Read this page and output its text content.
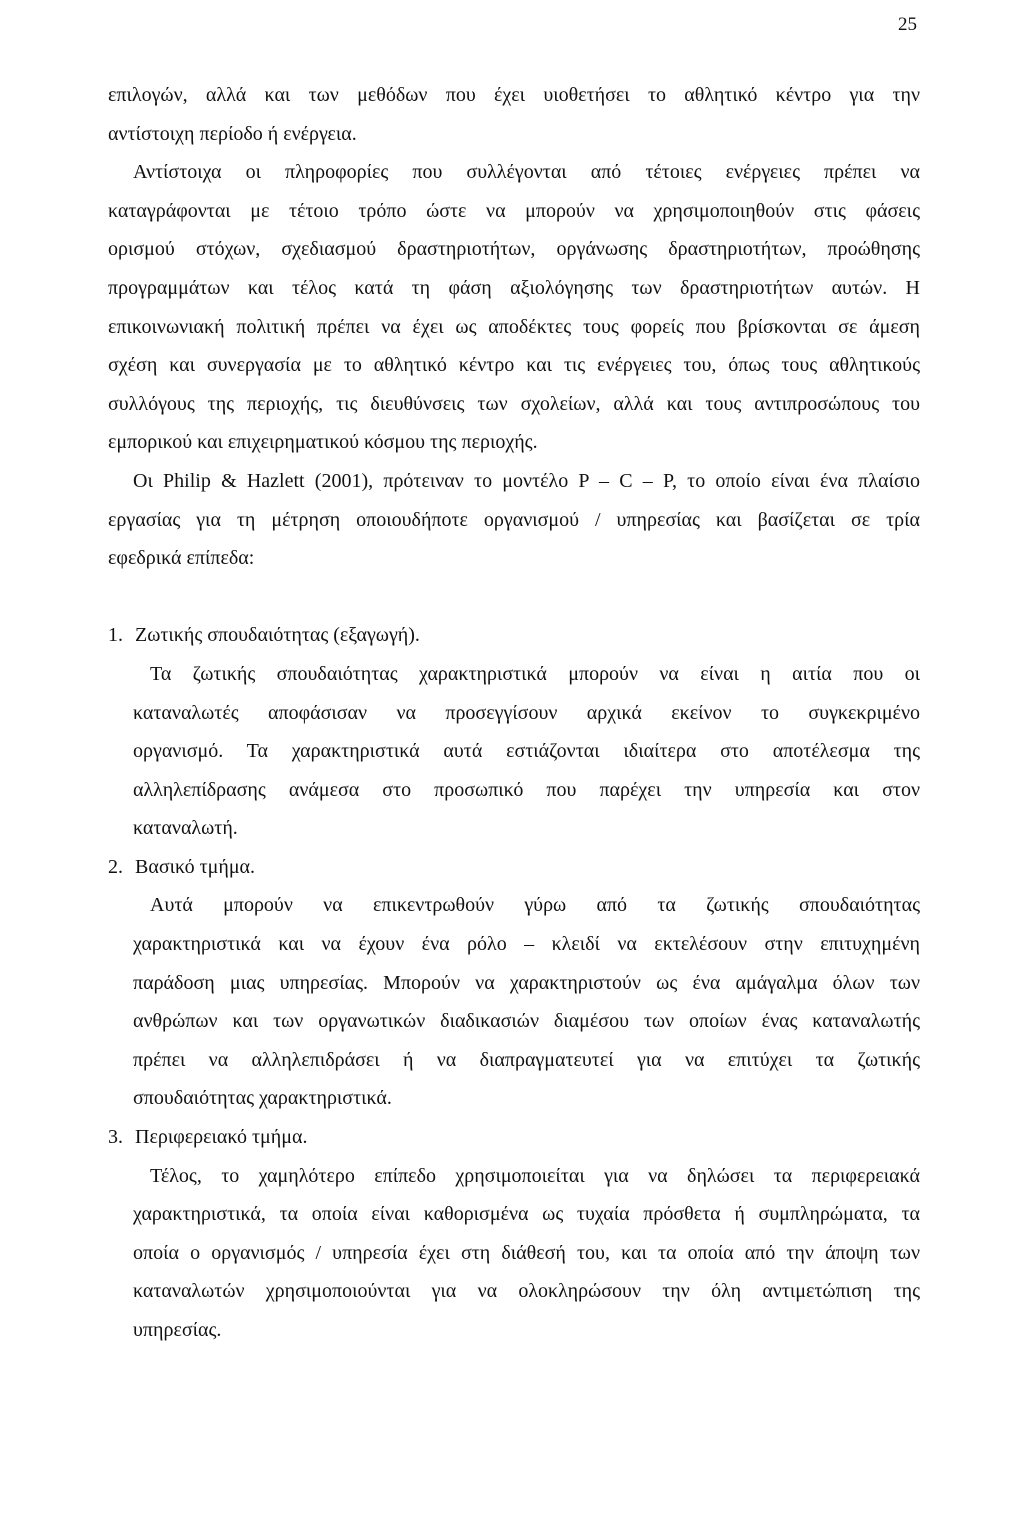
25
επιλογών, αλλά και των μεθόδων που έχει υιοθετήσει το αθλητικό κέντρο για την
αντίστοιχη περίοδο ή ενέργεια.
Αντίστοιχα οι πληροφορίες που συλλέγονται από τέτοιες ενέργειες πρέπει να
καταγράφονται με τέτοιο τρόπο ώστε να μπορούν να χρησιμοποιηθούν στις φάσεις
ορισμού στόχων, σχεδιασμού δραστηριοτήτων, οργάνωσης δραστηριοτήτων, προώθησης
προγραμμάτων και τέλος κατά τη φάση αξιολόγησης των δραστηριοτήτων αυτών. Η
επικοινωνιακή πολιτική πρέπει να έχει ως αποδέκτες τους φορείς που βρίσκονται σε άμεση
σχέση και συνεργασία με το αθλητικό κέντρο και τις ενέργειες του, όπως τους αθλητικούς
συλλόγους της περιοχής, τις διευθύνσεις των σχολείων, αλλά και τους αντιπροσώπους του
εμπορικού και επιχειρηματικού κόσμου της περιοχής.
Οι Philip & Hazlett (2001), πρότειναν το μοντέλο P – C – P, το οποίο είναι ένα πλαίσιο
εργασίας για τη μέτρηση οποιουδήποτε οργανισμού / υπηρεσίας και βασίζεται σε τρία
εφεδρικά επίπεδα:
1. Ζωτικής σπουδαιότητας (εξαγωγή).
Τα ζωτικής σπουδαιότητας χαρακτηριστικά μπορούν να είναι η αιτία που οι
καταναλωτές αποφάσισαν να προσεγγίσουν αρχικά εκείνον το συγκεκριμένο
οργανισμό. Τα χαρακτηριστικά αυτά εστιάζονται ιδιαίτερα στο αποτέλεσμα της
αλληλεπίδρασης ανάμεσα στο προσωπικό που παρέχει την υπηρεσία και στον
καταναλωτή.
2. Βασικό τμήμα.
Αυτά μπορούν να επικεντρωθούν γύρω από τα ζωτικής σπουδαιότητας
χαρακτηριστικά και να έχουν ένα ρόλο – κλειδί να εκτελέσουν στην επιτυχημένη
παράδοση μιας υπηρεσίας. Μπορούν να χαρακτηριστούν ως ένα αμάγαλμα όλων των
ανθρώπων και των οργανωτικών διαδικασιών διαμέσου των οποίων ένας καταναλωτής
πρέπει να αλληλεπιδράσει ή να διαπραγματευτεί για να επιτύχει τα ζωτικής
σπουδαιότητας χαρακτηριστικά.
3. Περιφερειακό τμήμα.
Τέλος, το χαμηλότερο επίπεδο χρησιμοποιείται για να δηλώσει τα περιφερειακά
χαρακτηριστικά, τα οποία είναι καθορισμένα ως τυχαία πρόσθετα ή συμπληρώματα, τα
οποία ο οργανισμός / υπηρεσία έχει στη διάθεσή του, και τα οποία από την άποψη των
καταναλωτών χρησιμοποιούνται για να ολοκληρώσουν την όλη αντιμετώπιση της
υπηρεσίας.
